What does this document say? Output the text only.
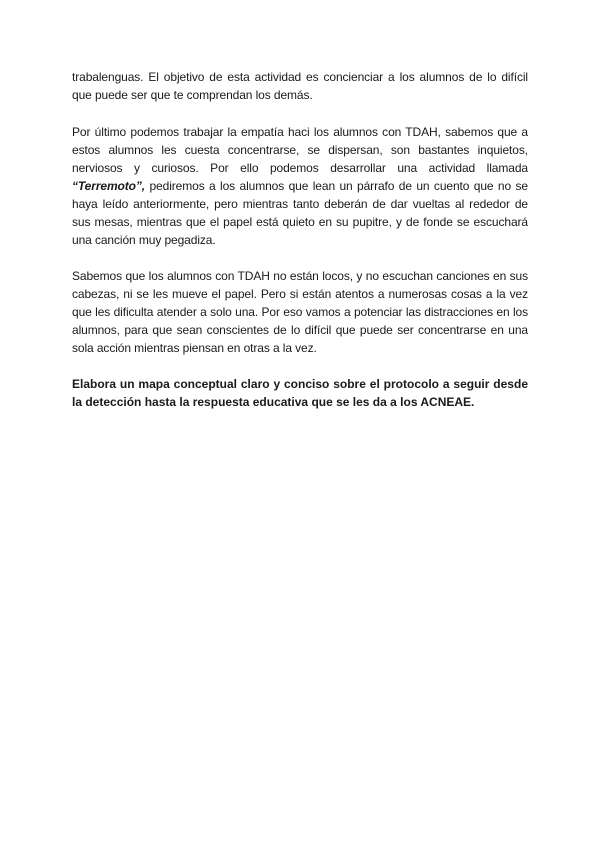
trabalenguas. El objetivo de esta actividad es concienciar a los alumnos de lo difícil que puede ser que te comprendan los demás.

Por último podemos trabajar la empatía haci los alumnos con TDAH, sabemos que a estos alumnos les cuesta concentrarse, se dispersan, son bastantes inquietos, nerviosos y curiosos. Por ello podemos desarrollar una actividad llamada “Terremoto”, pediremos a los alumnos que lean un párrafo de un cuento que no se haya leído anteriormente, pero mientras tanto deberán de dar vueltas al rededor de sus mesas, mientras que el papel está quieto en su pupitre, y de fonde se escuchará una canción muy pegadiza.

Sabemos que los alumnos con TDAH no están locos, y no escuchan canciones en sus cabezas, ni se les mueve el papel. Pero si están atentos a numerosas cosas a la vez que les dificulta atender a solo una. Por eso vamos a potenciar las distracciones en los alumnos, para que sean conscientes de lo difícil que puede ser concentrarse en una sola acción mientras piensan en otras a la vez.

Elabora un mapa conceptual claro y conciso sobre el protocolo a seguir desde la detección hasta la respuesta educativa que se les da a los ACNEAE.
